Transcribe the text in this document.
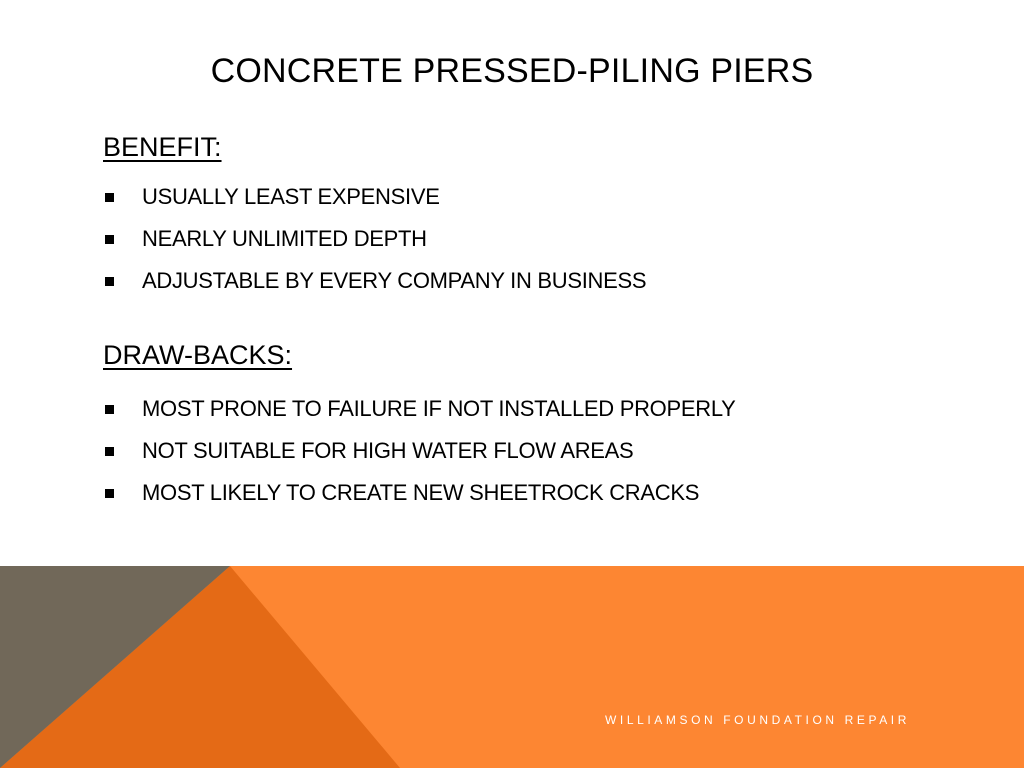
CONCRETE PRESSED-PILING PIERS
BENEFIT:
USUALLY LEAST EXPENSIVE
NEARLY UNLIMITED DEPTH
ADJUSTABLE BY EVERY COMPANY IN BUSINESS
DRAW-BACKS:
MOST PRONE TO FAILURE IF NOT INSTALLED PROPERLY
NOT SUITABLE FOR HIGH WATER FLOW AREAS
MOST LIKELY TO CREATE NEW SHEETROCK CRACKS
WILLIAMSON FOUNDATION REPAIR
